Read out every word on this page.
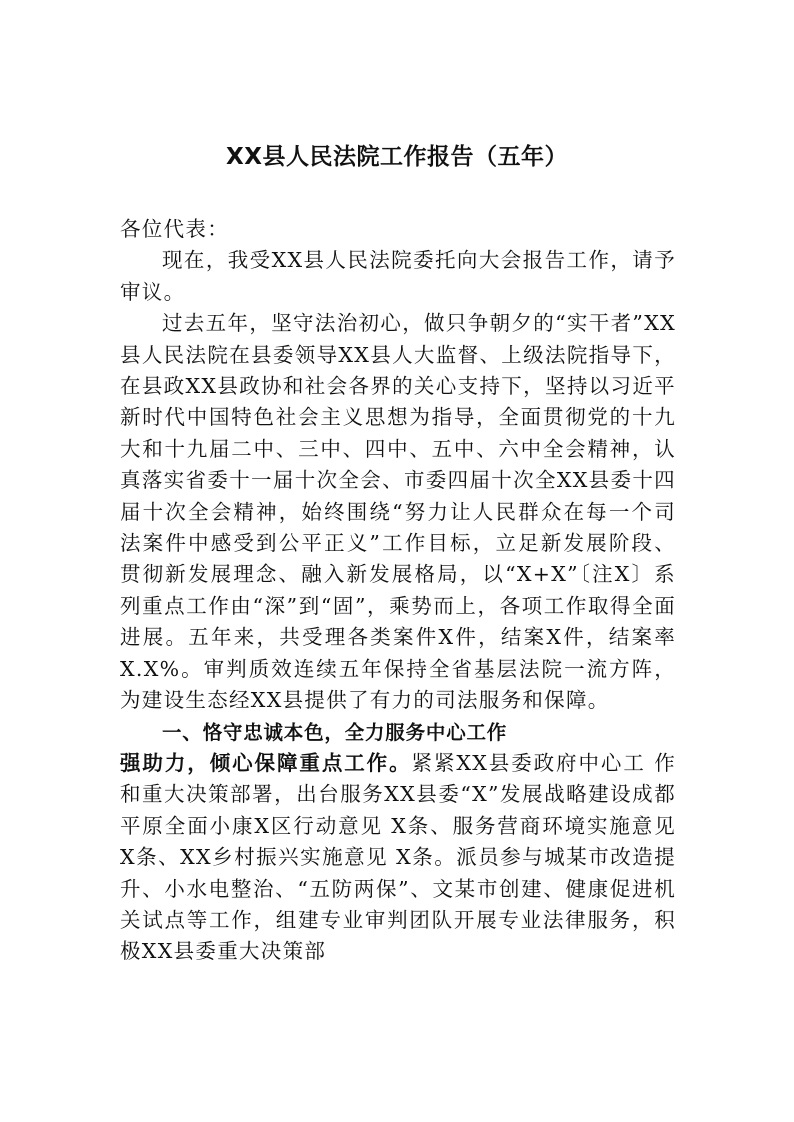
XX县人民法院工作报告（五年）

各位代表：

现在，我受XX县人民法院委托向大会报告工作，请予审议。

过去五年，坚守法治初心，做只争朝夕的“实干者”XX县人民法院在县委领导XX县人大监督、上级法院指导下，在县政XX县政协和社会各界的关心支持下，坚持以习近平新时代中国特色社会主义思想为指导，全面贯彻党的十九大和十九届二中、三中、四中、五中、六中全会精神，认真落实省委十一届十次全会、市委四届十次全XX县委十四届十次全会精神，始终围绕“努力让人民群众在每一个司法案件中感受到公平正义”工作目标，立足新发展阶段、贯彻新发展理念、融入新发展格局，以“X+X”〔注X〕系列重点工作由“深”到“固”，乘势而上，各项工作取得全面进展。五年来，共受理各类案件X件，结案X件，结案率X.X%。审判质效连续五年保持全省基层法院一流方阵，为建设生态经XX县提供了有力的司法服务和保障。

一、恪守忠诚本色，全力服务中心工作

强助力，倾心保障重点工作。紧紧XX县委政府中心工 作和重大决策部署，出台服务XX县委“X”发展战略建设成都平原全面小康X区行动意见 X条、服务营商环境实施意见 X条、XX乡村振兴实施意见 X条。派员参与城某市改造提升、小水电整治、“五防两保”、文某市创建、健康促进机关试点等工作，组建专业审判团队开展专业法律服务，积极XX县委重大决策部
